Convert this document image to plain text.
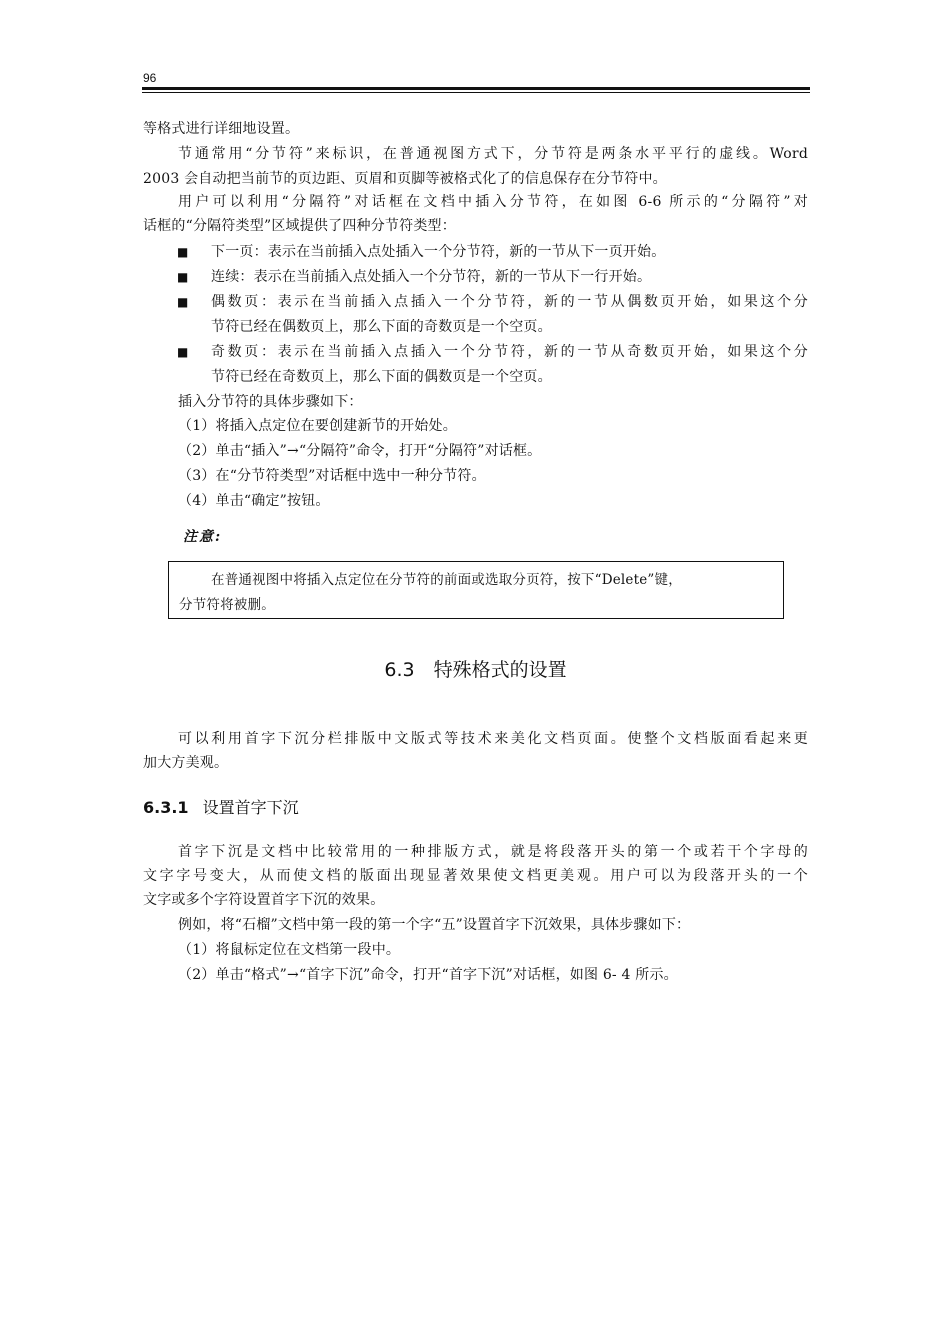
96
等格式进行详细地设置。
节通常用“分节符”来标识，在普通视图方式下，分节符是两条水平平行的虚线。Word
2003 会自动把当前节的页边距、页眉和页脚等被格式化了的信息保存在分节符中。
用户可以利用“分隔符”对话框在文档中插入分节符，在如图 6-6 所示的“分隔符”对
话框的“分隔符类型”区域提供了四种分节符类型：
■ 下一页：表示在当前插入点处插入一个分节符，新的一节从下一页开始。
■ 连续：表示在当前插入点处插入一个分节符，新的一节从下一行开始。
■ 偶数页：表示在当前插入点插入一个分节符，新的一节从偶数页开始，如果这个分
节符已经在偶数页上，那么下面的奇数页是一个空页。
■ 奇数页：表示在当前插入点插入一个分节符，新的一节从奇数页开始，如果这个分
节符已经在奇数页上，那么下面的偶数页是一个空页。
插入分节符的具体步骤如下：
（1）将插入点定位在要创建新节的开始处。
（2）单击“插入”→“分隔符”命令，打开“分隔符”对话框。
（3）在“分节符类型”对话框中选中一种分节符。
（4）单击“确定”按钮。
注意:
在普通视图中将插入点定位在分节符的前面或选取分页符，按下“Delete”键，
分节符将被删。
6.3　特殊格式的设置
可以利用首字下沉分栏排版中文版式等技术来美化文档页面。使整个文档版面看起来更
加大方美观。
6.3.1 设置首字下沉
首字下沉是文档中比较常用的一种排版方式，就是将段落开头的第一个或若干个字母的
文字字号变大，从而使文档的版面出现显著效果使文档更美观。用户可以为段落开头的一个
文字或多个字符设置首字下沉的效果。
例如，将“石榴”文档中第一段的第一个字“五”设置首字下沉效果，具体步骤如下：
（1）将鼠标定位在文档第一段中。
（2）单击“格式”→“首字下沉”命令，打开“首字下沉”对话框，如图 6- 4 所示。
